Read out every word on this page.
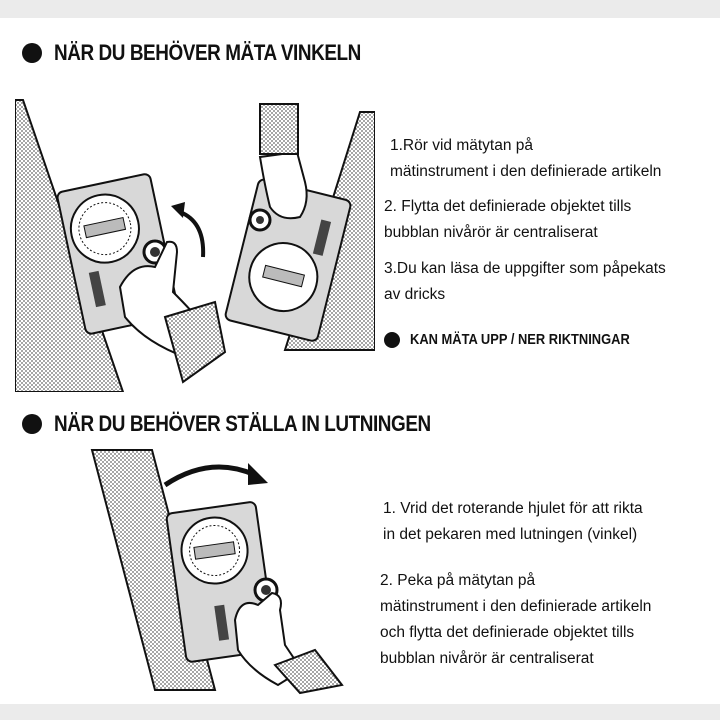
NÄR DU BEHÖVER MÄTA VINKELN
1.Rör vid mätytan på
mätinstrument i den definierade artikeln
2. Flytta det definierade objektet tills
bubblan nivårör är centraliserat
3.Du kan läsa de uppgifter som påpekats
av dricks
KAN MÄTA UPP / NER RIKTNINGAR
NÄR DU BEHÖVER STÄLLA IN LUTNINGEN
1. Vrid det roterande hjulet för att rikta
in det pekaren med lutningen (vinkel)
2. Peka på mätytan på
mätinstrument i den definierade artikeln
och flytta det definierade objektet tills
bubblan nivårör är centraliserat
